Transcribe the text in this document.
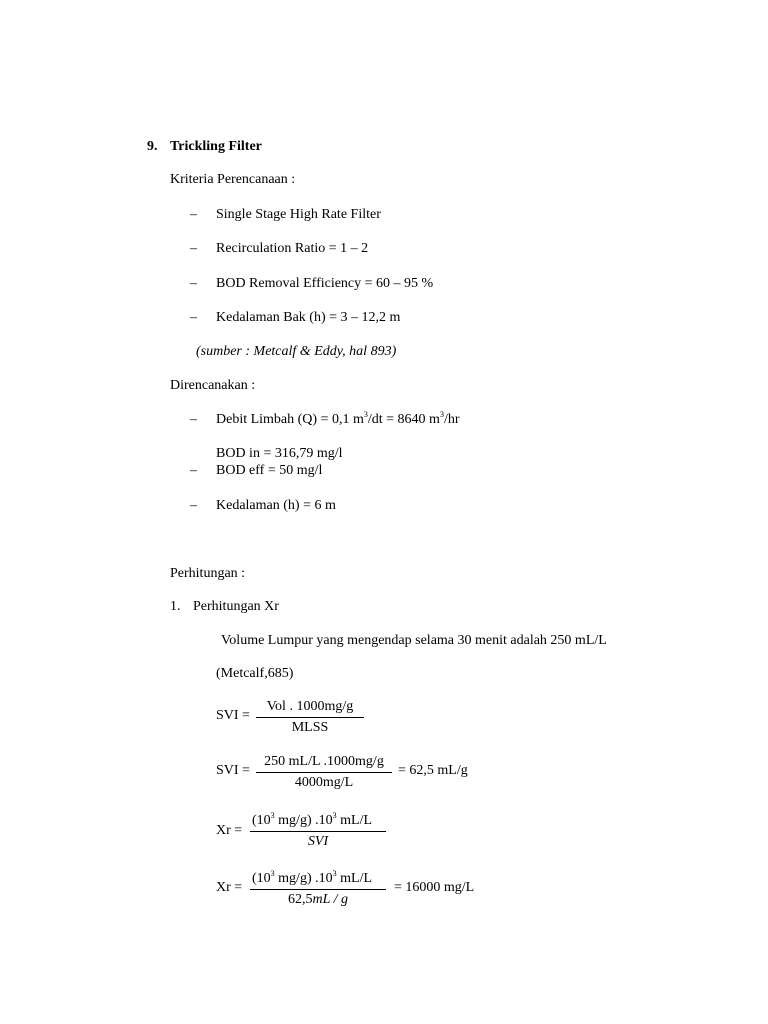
9. Trickling Filter
Kriteria Perencanaan :
– Single Stage High Rate Filter
– Recirculation Ratio = 1 – 2
– BOD Removal Efficiency = 60 – 95 %
– Kedalaman Bak (h) = 3 – 12,2 m
(sumber : Metcalf & Eddy, hal 893)
Direncanakan :
– Debit Limbah (Q) = 0,1 $m^3/dt = 8640$ $m^3/hr$
BOD in = 316,79 mg/l
– BOD eff = 50 mg/l
– Kedalaman (h) = 6 m
Perhitungan :
1. Perhitungan Xr
Volume Lumpur yang mengendap selama 30 menit adalah 250 mL/L
(Metcalf,685)
SVI =
Vol . 1000mg/g
MLSS
SVI =
250 mL/L .1000mg/g
4000mg/L
= 62,5 mL/g
Xr =
($10^3$ mg/g) $.10^3$ mL/L
SVI
Xr =
($10^3$ mg/g) $.10^3$ mL/L
62,5mL / g
= 16000 mg/L
